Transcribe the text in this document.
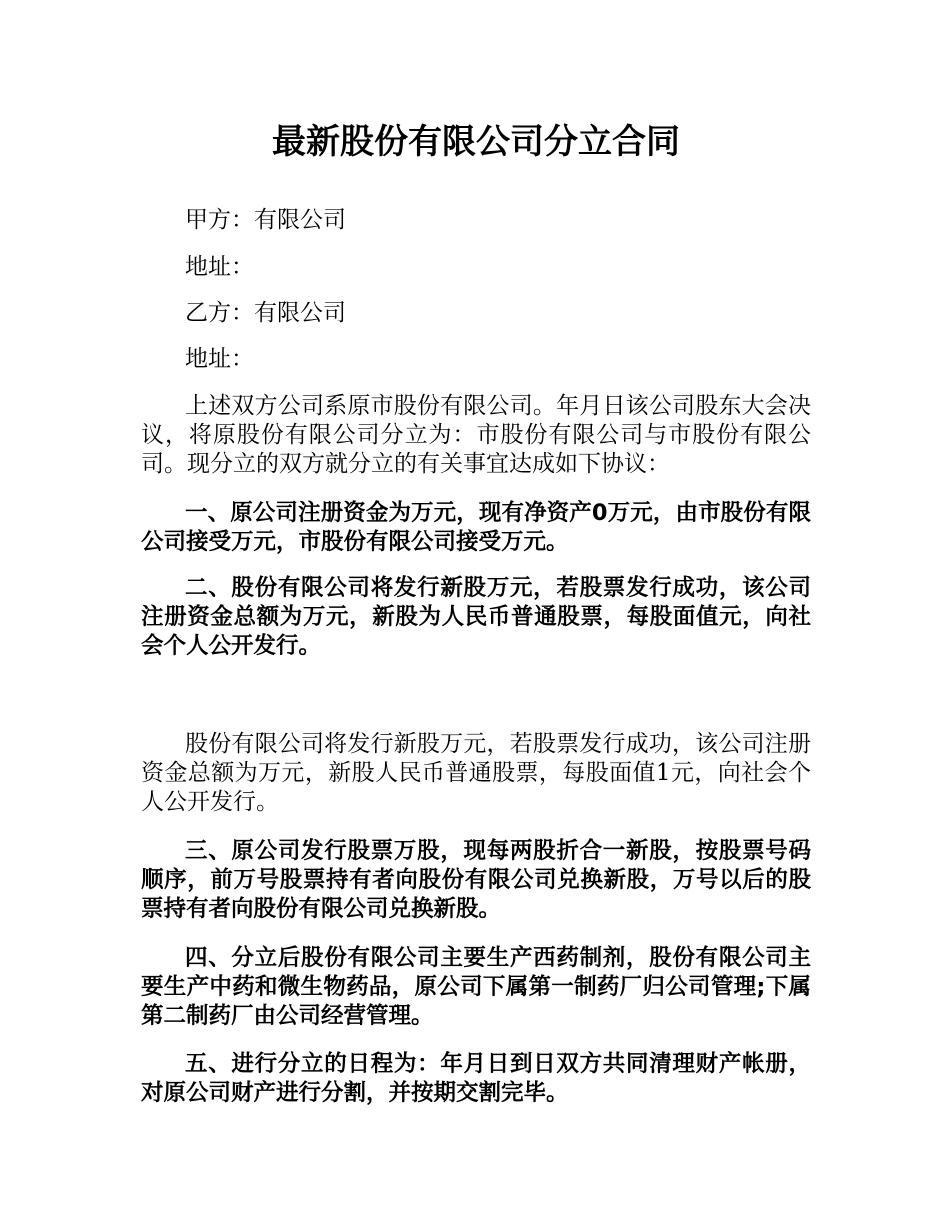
最新股份有限公司分立合同

甲方：有限公司

地址：

乙方：有限公司

地址：

上述双方公司系原市股份有限公司。年月日该公司股东大会决议，将原股份有限公司分立为：市股份有限公司与市股份有限公司。现分立的双方就分立的有关事宜达成如下协议：

一、原公司注册资金为万元，现有净资产0万元，由市股份有限公司接受万元，市股份有限公司接受万元。

二、股份有限公司将发行新股万元，若股票发行成功，该公司注册资金总额为万元，新股为人民币普通股票，每股面值元，向社会个人公开发行。

股份有限公司将发行新股万元，若股票发行成功，该公司注册资金总额为万元，新股人民币普通股票，每股面值1元，向社会个人公开发行。

三、原公司发行股票万股，现每两股折合一新股，按股票号码顺序，前万号股票持有者向股份有限公司兑换新股，万号以后的股票持有者向股份有限公司兑换新股。

四、分立后股份有限公司主要生产西药制剂，股份有限公司主要生产中药和微生物药品，原公司下属第一制药厂归公司管理;下属第二制药厂由公司经营管理。

五、进行分立的日程为：年月日到日双方共同清理财产帐册，对原公司财产进行分割，并按期交割完毕。
